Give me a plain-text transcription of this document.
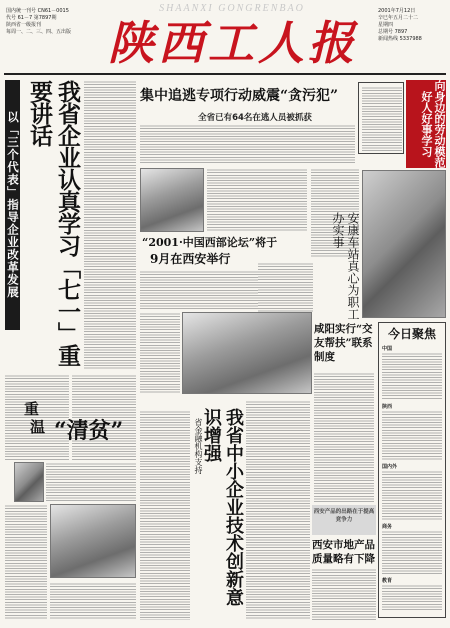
国内统一刊号 CN61－0015
代号 61－7 第7897期
陕西省一级报刊
每周一、二、三、四、五出版
SHAANXI GONGRENBAO
陕西工人报
2001年7月12日
辛巳年五月二十二
星期四
总期号 7897
新闻热线 5337988
以「三个代表」指导企业改革发展	我省企业认真学习「七一」重要讲话	集中追逃专项行动威震“贪污犯”
全省已有64名在逃人员被抓获	向身边的劳动模范好人好事学习
“2001·中国西部论坛”将于
9月在西安举行	安康车站真心为职工办实事
咸阳实行“交友帮扶”联系制度
今日聚焦
中国
陕西
国内外
商务
教育
重
温 “清贫”	省金融机构支持	我省中小企业技术创新意识增强
西安产品的出路在于提高竞争力
西安市地产品质量略有下降
